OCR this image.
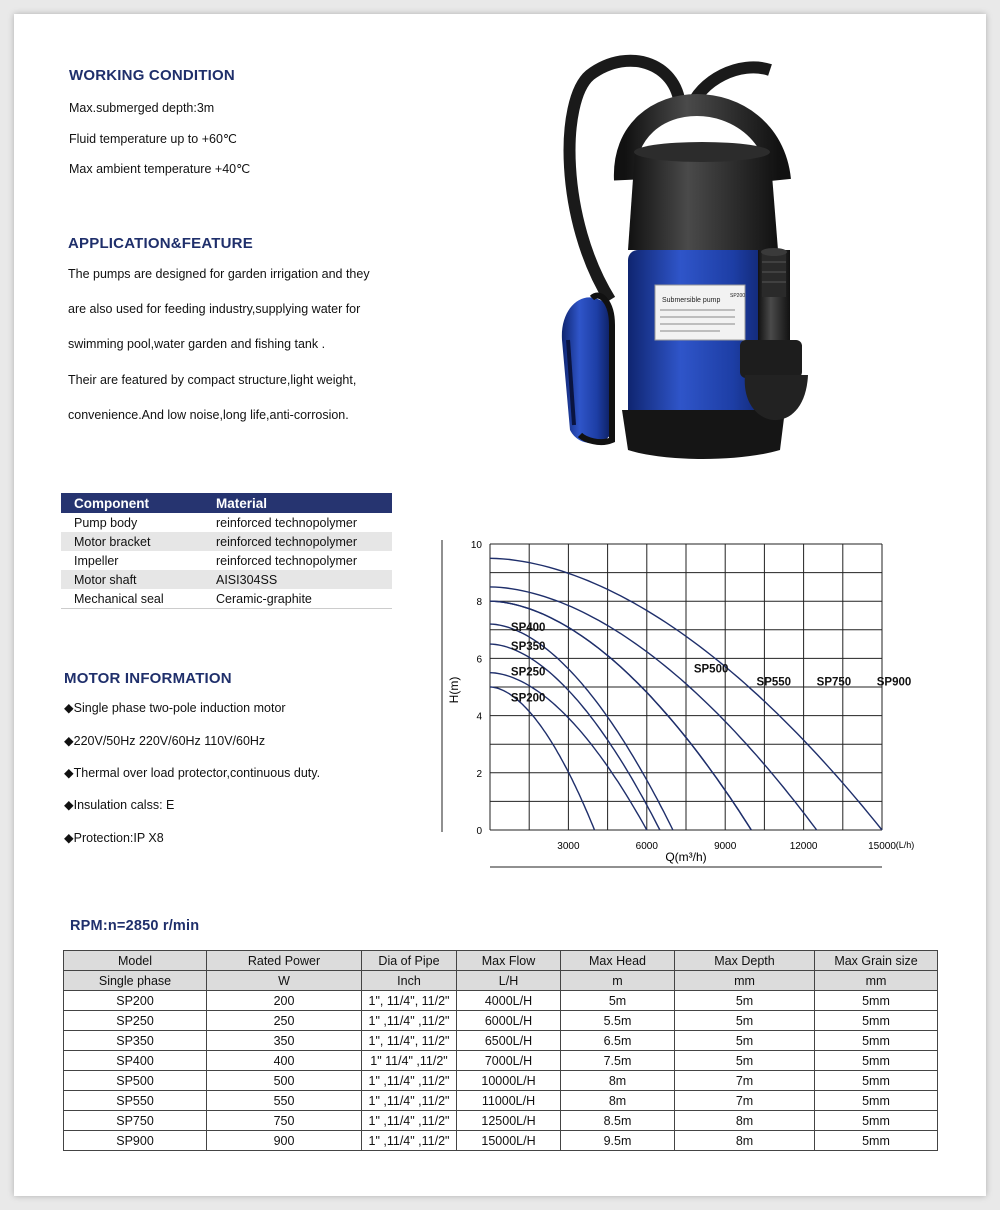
WORKING CONDITION
Max.submerged depth:3m
Fluid temperature up to +60℃
Max ambient temperature +40℃
APPLICATION&FEATURE
The pumps are designed for garden irrigation and they
are also used for feeding industry,supplying water for
swimming pool,water garden and fishing tank .
Their are featured by compact structure,light weight,
convenience.And low noise,long life,anti-corrosion.
Submersible pump
SP200
Component	Material
Pump body	reinforced technopolymer
Motor bracket	reinforced technopolymer
Impeller	reinforced technopolymer
Motor shaft	AISI304SS
Mechanical seal	Ceramic-graphite
MOTOR INFORMATION
◆Single phase two-pole induction motor
◆220V/50Hz 220V/60Hz 110V/60Hz
◆Thermal over load protector,continuous duty.
◆Insulation calss: E
◆Protection:IP X8	0
2
4
6
8
10
3000	6000	9000	12000	15000
SP200
SP250
SP350
SP400
SP500
SP550 SP750 SP900
H(m)
Q(m³/h)
(L/h)
RPM:n=2850 r/min
Model	Rated Power	Dia of Pipe	Max Flow	Max Head	Max Depth	Max Grain size
Single phase	W	Inch	L/H	m	mm	mm
SP200	200	1", 11/4", 11/2"	4000L/H	5m	5m	5mm
SP250	250	1" ,11/4" ,11/2"	6000L/H	5.5m	5m	5mm
SP350	350	1", 11/4", 11/2"	6500L/H	6.5m	5m	5mm
SP400	400	1" 11/4" ,11/2"	7000L/H	7.5m	5m	5mm
SP500	500	1" ,11/4" ,11/2"	10000L/H	8m	7m	5mm
SP550	550	1" ,11/4" ,11/2"	11000L/H	8m	7m	5mm
SP750	750	1" ,11/4" ,11/2"	12500L/H	8.5m	8m	5mm
SP900	900	1" ,11/4" ,11/2"	15000L/H	9.5m	8m	5mm
